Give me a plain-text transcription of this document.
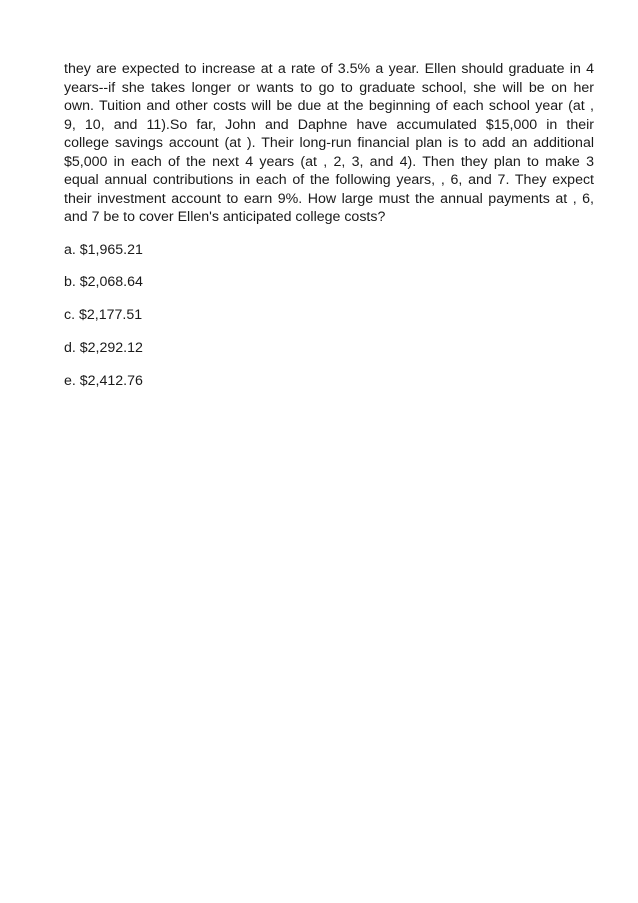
they are expected to increase at a rate of 3.5% a year. Ellen should graduate in 4
years--if she takes longer or wants to go to graduate school, she will be on her
own. Tuition and other costs will be due at the beginning of each school year (at ,
9, 10, and 11).So far, John and Daphne have accumulated $15,000 in their
college savings account (at ). Their long-run financial plan is to add an additional
$5,000 in each of the next 4 years (at , 2, 3, and 4). Then they plan to make 3
equal annual contributions in each of the following years, , 6, and 7. They expect
their investment account to earn 9%. How large must the annual payments at , 6,
and 7 be to cover Ellen's anticipated college costs?

a. $1,965.21
b. $2,068.64
c. $2,177.51
d. $2,292.12
e. $2,412.76
